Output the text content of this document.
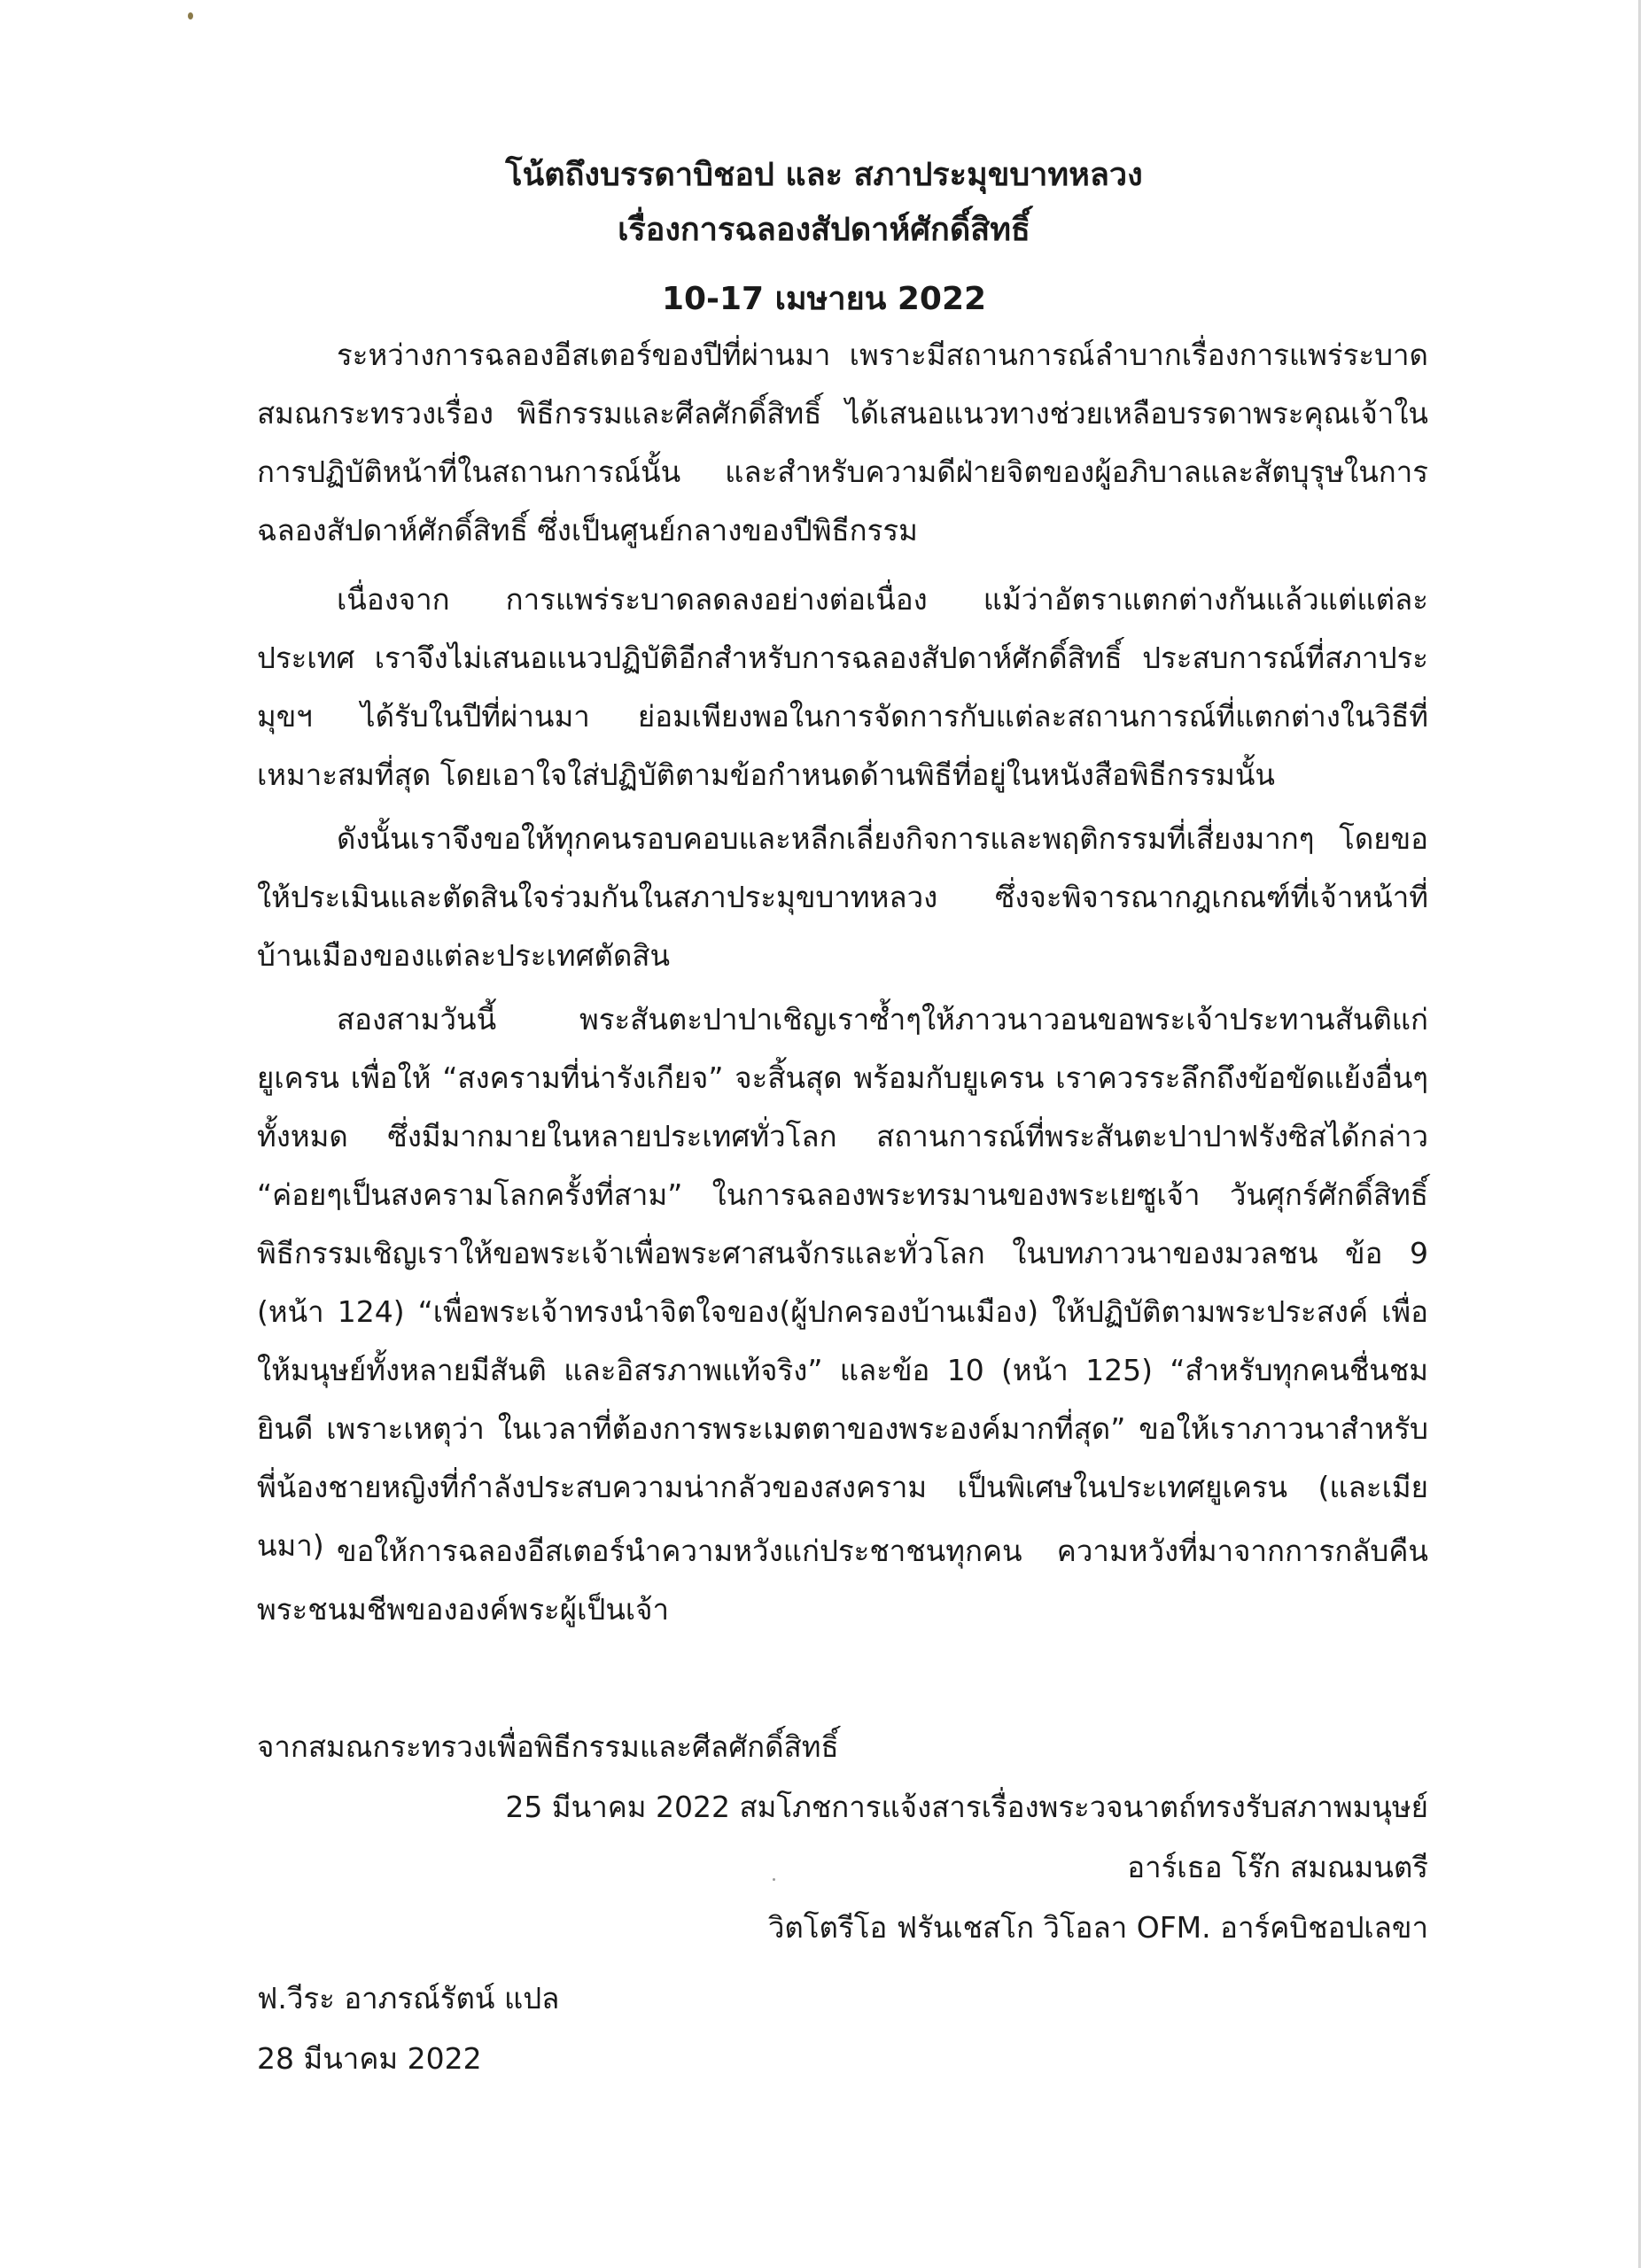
โน้ตถึงบรรดาบิชอป และ สภาประมุขบาทหลวง
เรื่องการฉลองสัปดาห์ศักดิ์สิทธิ์
10-17 เมษายน 2022

ระหว่างการฉลองอีสเตอร์ของปีที่ผ่านมา เพราะมีสถานการณ์ลำบากเรื่องการแพร่ระบาด สมณกระทรวงเรื่อง พิธีกรรมและศีลศักดิ์สิทธิ์ ได้เสนอแนวทางช่วยเหลือบรรดาพระคุณเจ้าในการปฏิบัติหน้าที่ในสถานการณ์นั้น และสำหรับความดีฝ่ายจิตของผู้อภิบาลและสัตบุรุษในการฉลองสัปดาห์ศักดิ์สิทธิ์ ซึ่งเป็นศูนย์กลางของปีพิธีกรรม

เนื่องจาก การแพร่ระบาดลดลงอย่างต่อเนื่อง แม้ว่าอัตราแตกต่างกันแล้วแต่แต่ละประเทศ เราจึงไม่เสนอแนวปฏิบัติอีกสำหรับการฉลองสัปดาห์ศักดิ์สิทธิ์ ประสบการณ์ที่สภาประมุขฯ ได้รับในปีที่ผ่านมา ย่อมเพียงพอในการจัดการกับแต่ละสถานการณ์ที่แตกต่างในวิธีที่เหมาะสมที่สุด โดยเอาใจใส่ปฏิบัติตามข้อกำหนดด้านพิธีที่อยู่ในหนังสือพิธีกรรมนั้น

ดังนั้นเราจึงขอให้ทุกคนรอบคอบและหลีกเลี่ยงกิจการและพฤติกรรมที่เสี่ยงมากๆ โดยขอให้ประเมินและตัดสินใจร่วมกันในสภาประมุขบาทหลวง ซึ่งจะพิจารณากฎเกณฑ์ที่เจ้าหน้าที่บ้านเมืองของแต่ละประเทศตัดสิน

สองสามวันนี้ พระสันตะปาปาเชิญเราซ้ำๆให้ภาวนาวอนขอพระเจ้าประทานสันติแก่ยูเครน เพื่อให้ “สงครามที่น่ารังเกียจ” จะสิ้นสุด พร้อมกับยูเครน เราควรระลึกถึงข้อขัดแย้งอื่นๆทั้งหมด ซึ่งมีมากมายในหลายประเทศทั่วโลก สถานการณ์ที่พระสันตะปาปาฟรังซิสได้กล่าว “ค่อยๆเป็นสงครามโลกครั้งที่สาม” ในการฉลองพระทรมานของพระเยซูเจ้า วันศุกร์ศักดิ์สิทธิ์ พิธีกรรมเชิญเราให้ขอพระเจ้าเพื่อพระศาสนจักรและทั่วโลก ในบทภาวนาของมวลชน ข้อ 9 (หน้า 124) “เพื่อพระเจ้าทรงนำจิตใจของ(ผู้ปกครองบ้านเมือง) ให้ปฏิบัติตามพระประสงค์ เพื่อให้มนุษย์ทั้งหลายมีสันติ และอิสรภาพแท้จริง” และข้อ 10 (หน้า 125) “สำหรับทุกคนชื่นชมยินดี เพราะเหตุว่า ในเวลาที่ต้องการพระเมตตาของพระองค์มากที่สุด” ขอให้เราภาวนาสำหรับพี่น้องชายหญิงที่กำลังประสบความน่ากลัวของสงคราม เป็นพิเศษในประเทศยูเครน (และเมียนมา) ขอให้การฉลองอีสเตอร์นำความหวังแก่ประชาชนทุกคน ความหวังที่มาจากการกลับคืนพระชนมชีพขององค์พระผู้เป็นเจ้า

จากสมณกระทรวงเพื่อพิธีกรรมและศีลศักดิ์สิทธิ์
25 มีนาคม 2022 สมโภชการแจ้งสารเรื่องพระวจนาตถ์ทรงรับสภาพมนุษย์
อาร์เธอ โร๊ก สมณมนตรี
วิตโตรีโอ ฟรันเชสโก วิโอลา OFM. อาร์คบิชอปเลขา
ฟ.วีระ อาภรณ์รัตน์ แปล
28 มีนาคม 2022
